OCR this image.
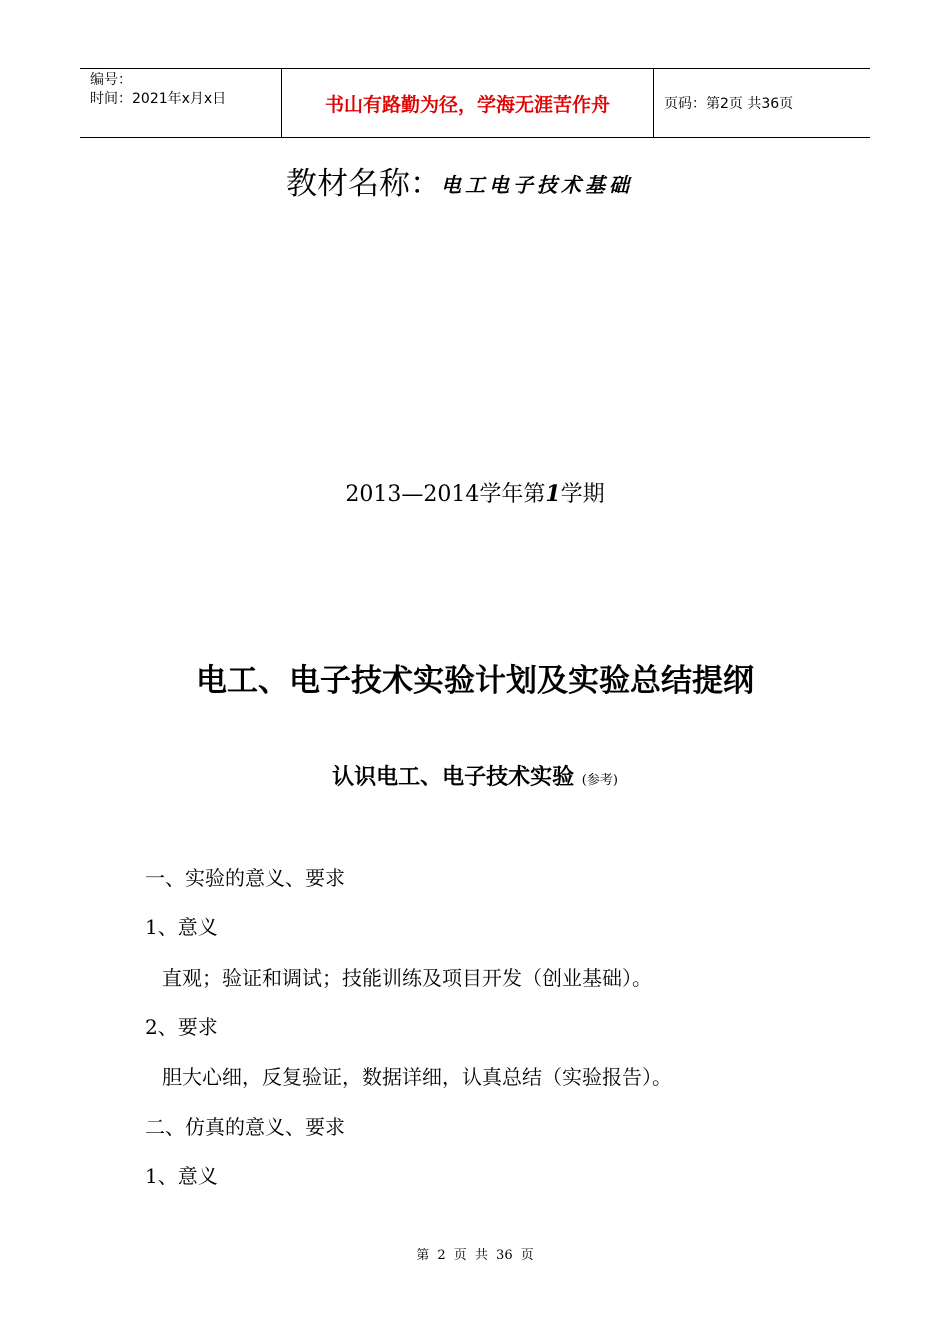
编号：
时间：2021年x月x日	书山有路勤为径，学海无涯苦作舟	页码：第2页 共36页
教材名称：电工电子技术基础
2013—2014学年第1学期
电工、电子技术实验计划及实验总结提纲
认识电工、电子技术实验 (参考)
一、实验的意义、要求
1、意义
直观；验证和调试；技能训练及项目开发（创业基础）。
2、要求
胆大心细，反复验证，数据详细，认真总结（实验报告）。
二、仿真的意义、要求
1、意义
第 2 页 共 36 页
